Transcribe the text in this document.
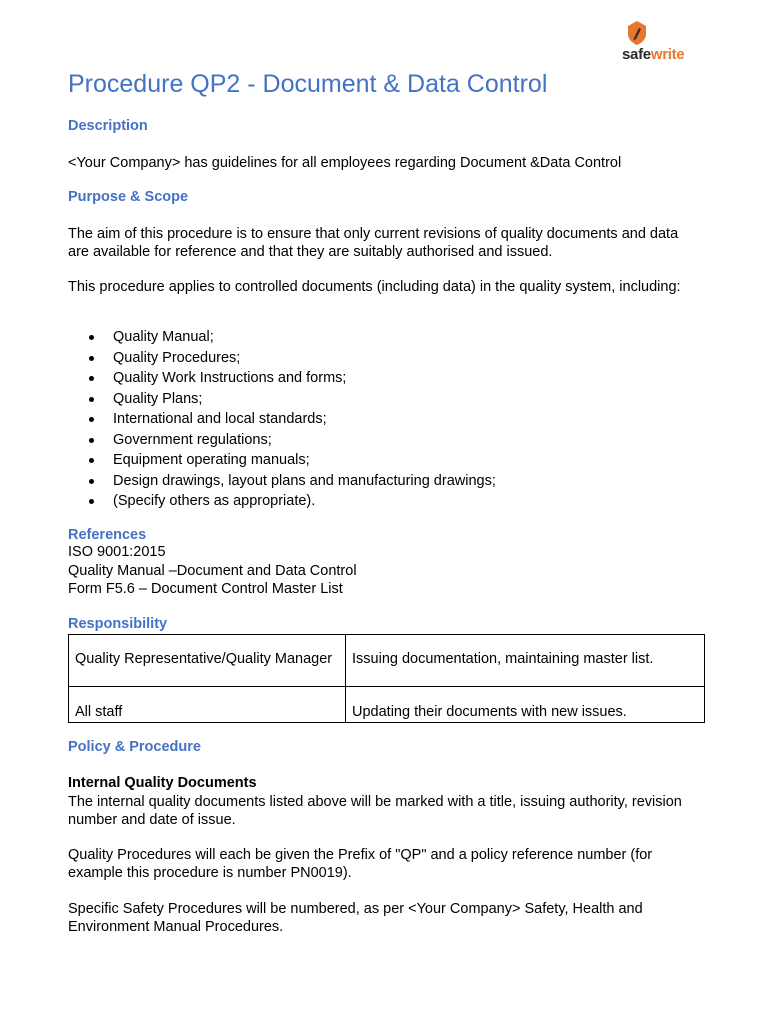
safewrite
Procedure QP2 - Document & Data Control
Description
<Your Company> has guidelines for all employees regarding Document &Data Control
Purpose & Scope
The aim of this procedure is to ensure that only current revisions of quality documents and data are available for reference and that they are suitably authorised and issued.
This procedure applies to controlled documents (including data) in the quality system, including:
Quality Manual;
Quality Procedures;
Quality Work Instructions and forms;
Quality Plans;
International and local standards;
Government regulations;
Equipment operating manuals;
Design drawings, layout plans and manufacturing drawings;
(Specify others as appropriate).
References
ISO 9001:2015
Quality Manual –Document and Data Control
Form F5.6 – Document Control Master List
Responsibility
Quality Representative/Quality Manager	Issuing documentation, maintaining master list.
All staff	Updating their documents with new issues.
Policy & Procedure
Internal Quality Documents
The internal quality documents listed above will be marked with a title, issuing authority, revision number and date of issue.
Quality Procedures will each be given the Prefix of "QP" and a policy reference number (for example this procedure is number PN0019).
Specific Safety Procedures will be numbered, as per <Your Company> Safety, Health and Environment Manual Procedures.
